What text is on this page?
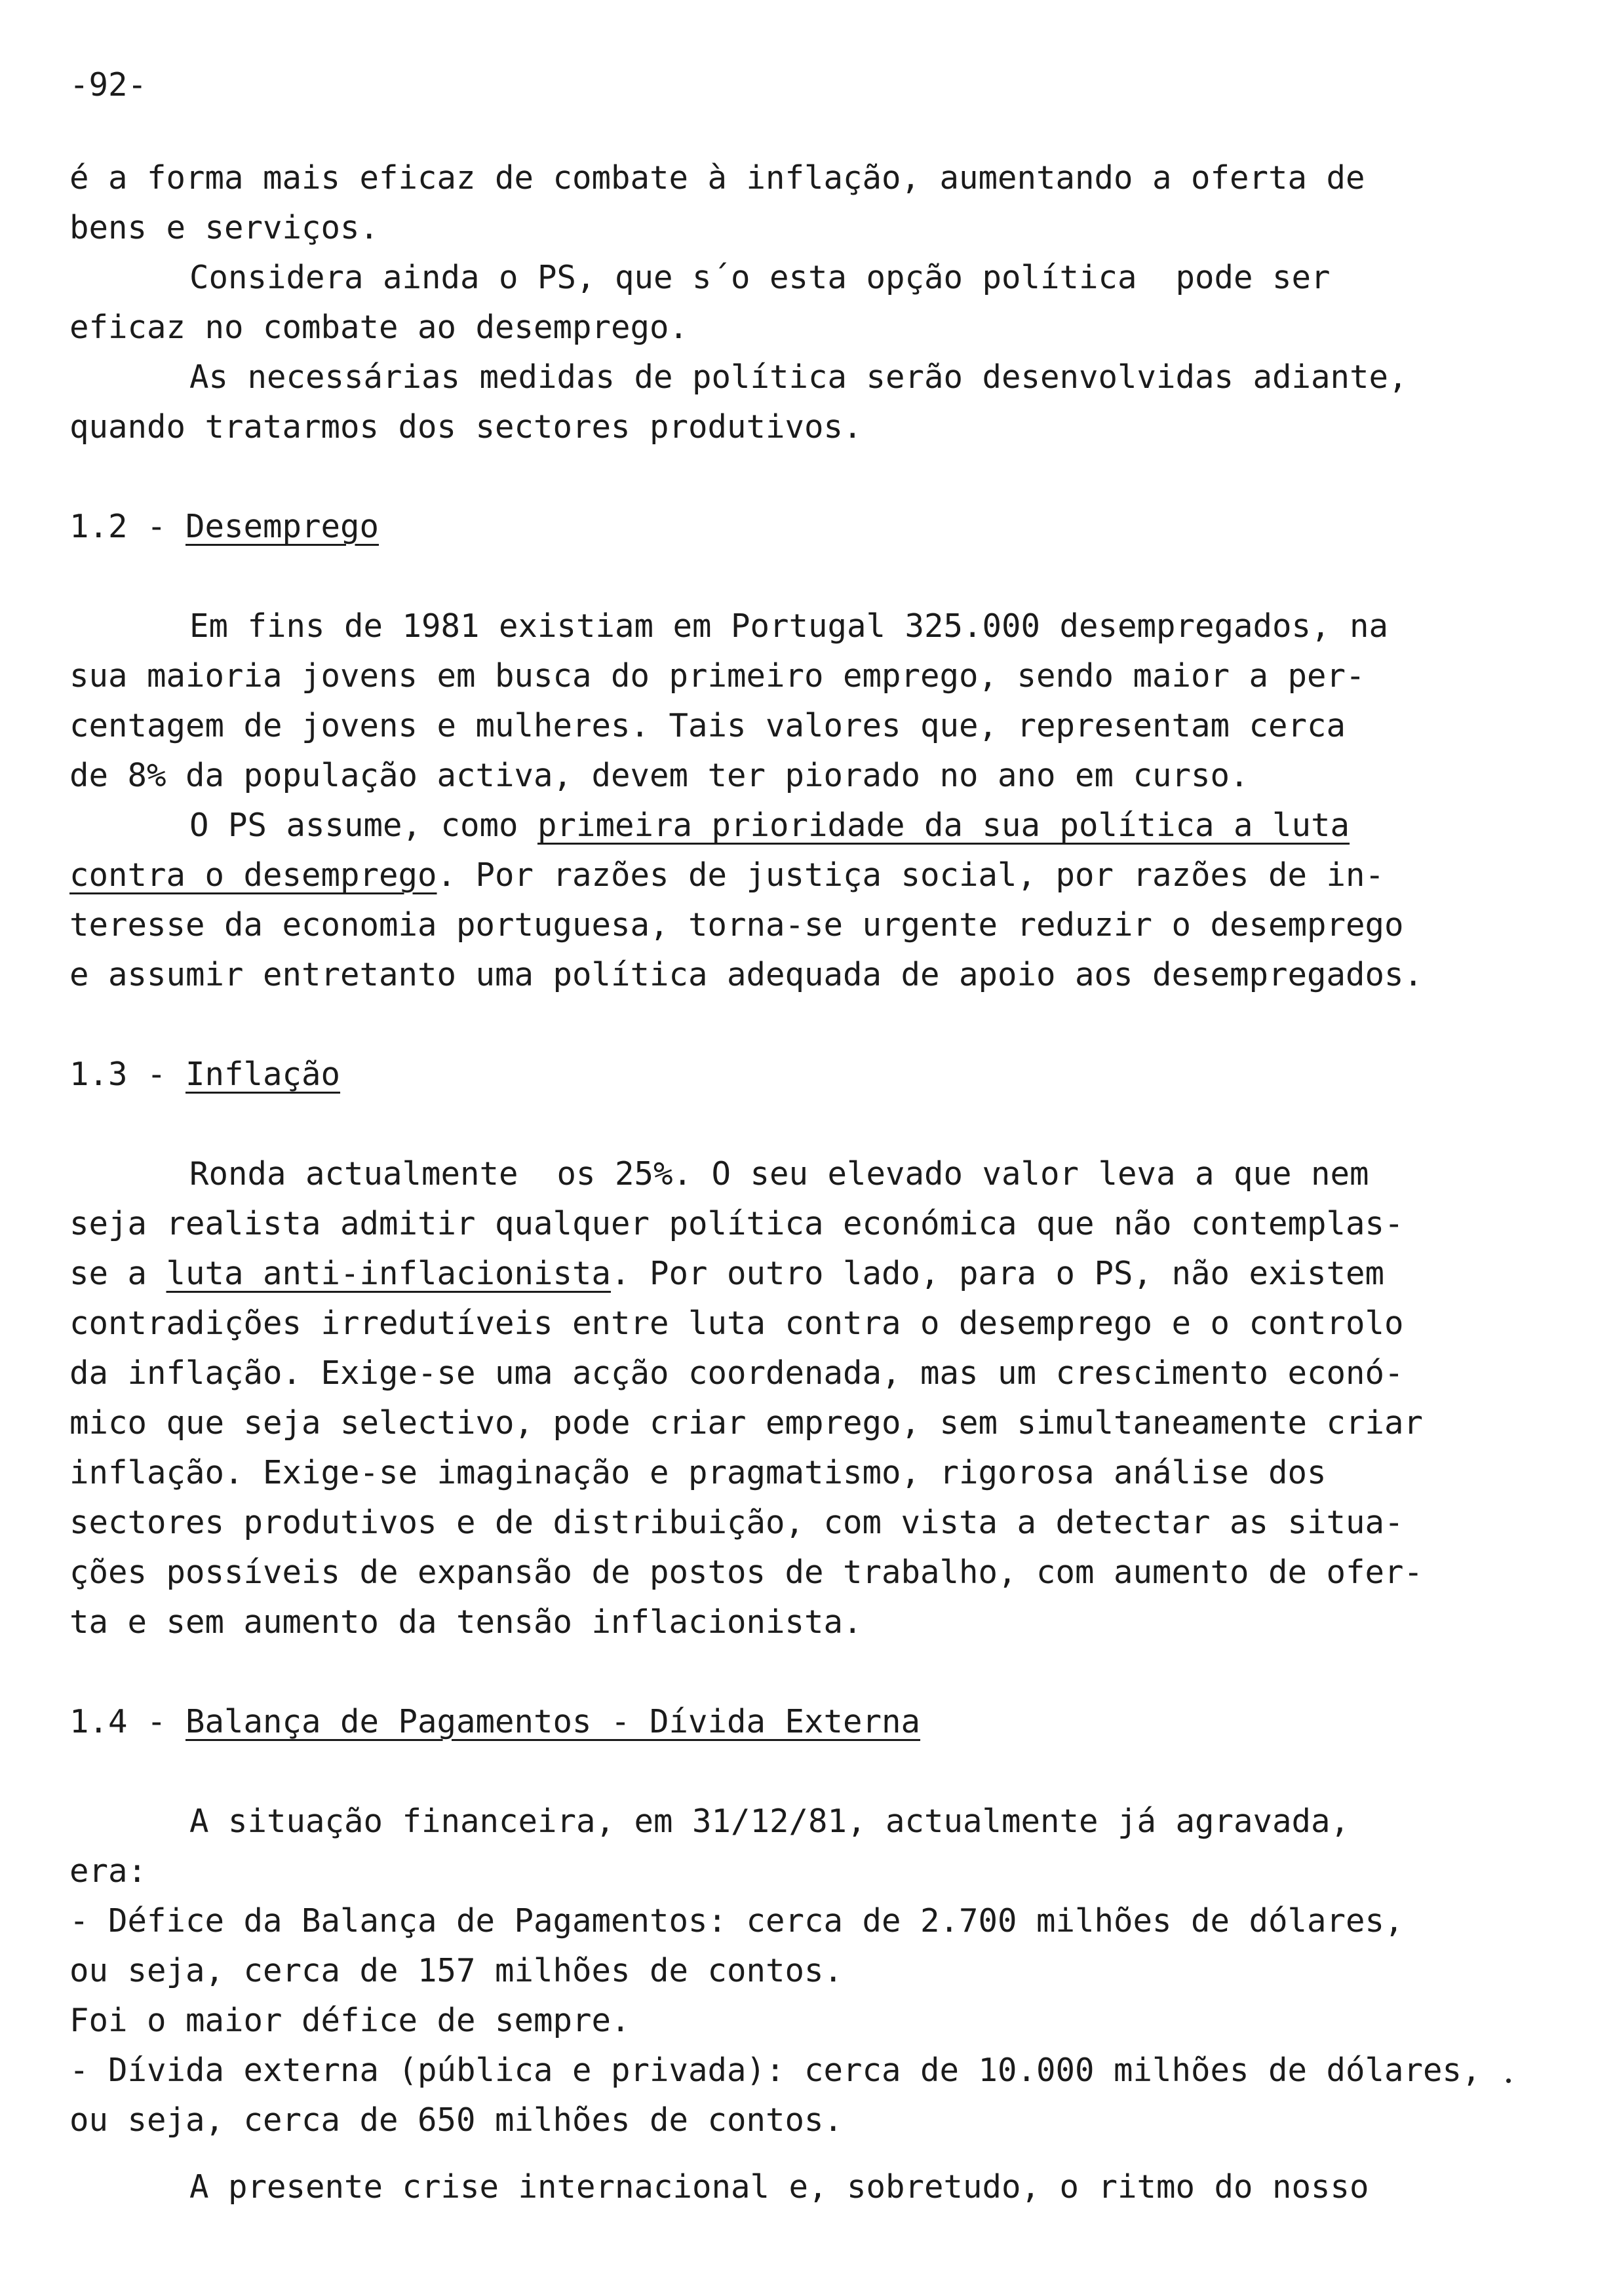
-92-

é a forma mais eficaz de combate à inflação, aumentando a oferta de

bens e serviços.

Considera ainda o PS, que s´o esta opção política  pode ser

eficaz no combate ao desemprego.

As necessárias medidas de política serão desenvolvidas adiante,

quando tratarmos dos sectores produtivos.

1.2 - Desemprego

Em fins de 1981 existiam em Portugal 325.000 desempregados, na

sua maioria jovens em busca do primeiro emprego, sendo maior a per-

centagem de jovens e mulheres. Tais valores que, representam cerca

de 8% da população activa, devem ter piorado no ano em curso.

O PS assume, como primeira prioridade da sua política a luta

contra o desemprego. Por razões de justiça social, por razões de in-

teresse da economia portuguesa, torna-se urgente reduzir o desemprego

e assumir entretanto uma política adequada de apoio aos desempregados.

1.3 - Inflação

Ronda actualmente  os 25%. O seu elevado valor leva a que nem

seja realista admitir qualquer política económica que não contemplas-

se a luta anti-inflacionista. Por outro lado, para o PS, não existem

contradições irredutíveis entre luta contra o desemprego e o controlo

da inflação. Exige-se uma acção coordenada, mas um crescimento econó-

mico que seja selectivo, pode criar emprego, sem simultaneamente criar

inflação. Exige-se imaginação e pragmatismo, rigorosa análise dos

sectores produtivos e de distribuição, com vista a detectar as situa-

ções possíveis de expansão de postos de trabalho, com aumento de ofer-

ta e sem aumento da tensão inflacionista.

1.4 - Balança de Pagamentos - Dívida Externa

A situação financeira, em 31/12/81, actualmente já agravada,

era:

- Défice da Balança de Pagamentos: cerca de 2.700 milhões de dólares,

ou seja, cerca de 157 milhões de contos.

Foi o maior défice de sempre.

- Dívida externa (pública e privada): cerca de 10.000 milhões de dólares,

ou seja, cerca de 650 milhões de contos.

A presente crise internacional e, sobretudo, o ritmo do nosso
